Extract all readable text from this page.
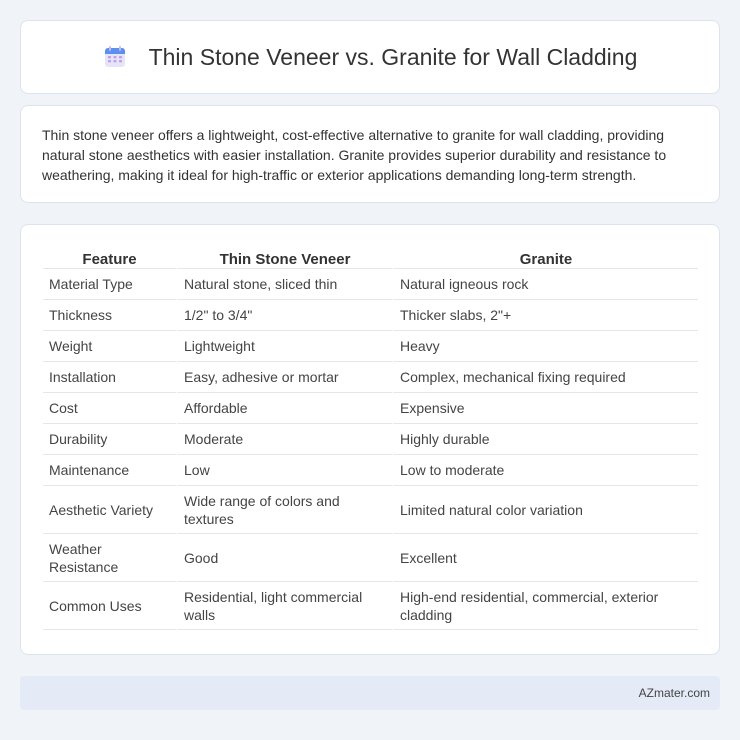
Thin Stone Veneer vs. Granite for Wall Cladding

Thin stone veneer offers a lightweight, cost-effective alternative to granite for wall cladding, providing natural stone aesthetics with easier installation. Granite provides superior durability and resistance to weathering, making it ideal for high-traffic or exterior applications demanding long-term strength.

Feature	Thin Stone Veneer	Granite
Material Type	Natural stone, sliced thin	Natural igneous rock
Thickness	1/2" to 3/4"	Thicker slabs, 2"+
Weight	Lightweight	Heavy
Installation	Easy, adhesive or mortar	Complex, mechanical fixing required
Cost	Affordable	Expensive
Durability	Moderate	Highly durable
Maintenance	Low	Low to moderate
Aesthetic Variety	Wide range of colors and textures	Limited natural color variation
Weather Resistance	Good	Excellent
Common Uses	Residential, light commercial walls	High-end residential, commercial, exterior cladding
AZmater.com
